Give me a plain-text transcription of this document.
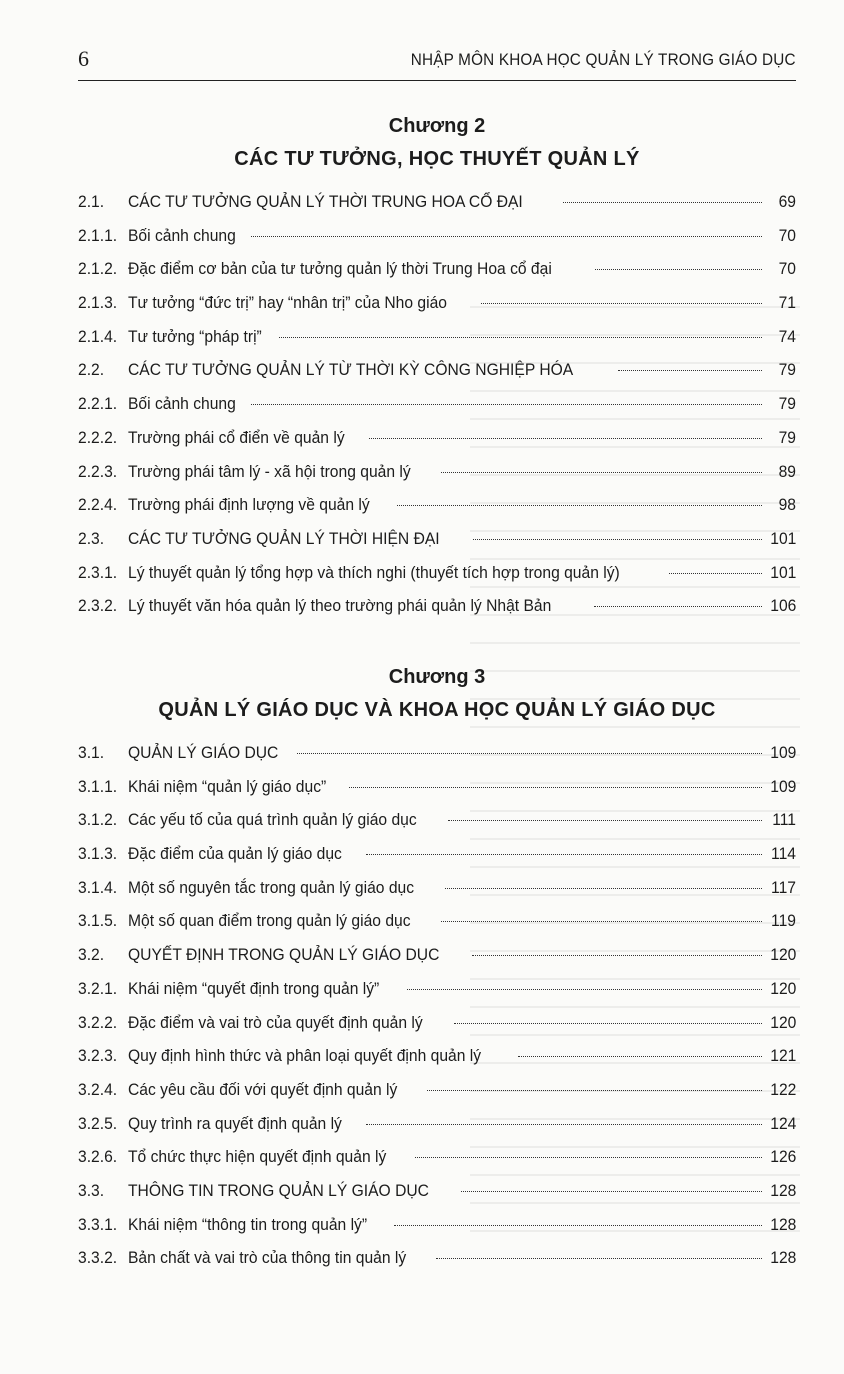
6	NHẬP MÔN KHOA HỌC QUẢN LÝ TRONG GIÁO DỤC
Chương 2
CÁC TƯ TƯỞNG, HỌC THUYẾT QUẢN LÝ
2.1.	CÁC TƯ TƯỞNG QUẢN LÝ THỜI TRUNG HOA CỔ ĐẠI	69
2.1.1. Bối cảnh chung	70
2.1.2. Đặc điểm cơ bản của tư tưởng quản lý thời Trung Hoa cổ đại	70
2.1.3. Tư tưởng “đức trị” hay “nhân trị” của Nho giáo	71
2.1.4. Tư tưởng “pháp trị”	74
2.2.	CÁC TƯ TƯỞNG QUẢN LÝ TỪ THỜI KỲ CÔNG NGHIỆP HÓA	79
2.2.1. Bối cảnh chung	79
2.2.2. Trường phái cổ điển về quản lý	79
2.2.3. Trường phái tâm lý - xã hội trong quản lý	89
2.2.4. Trường phái định lượng về quản lý	98
2.3.	CÁC TƯ TƯỞNG QUẢN LÝ THỜI HIỆN ĐẠI	101
2.3.1. Lý thuyết quản lý tổng hợp và thích nghi (thuyết tích hợp trong quản lý)	101
2.3.2. Lý thuyết văn hóa quản lý theo trường phái quản lý Nhật Bản	106
Chương 3
QUẢN LÝ GIÁO DỤC VÀ KHOA HỌC QUẢN LÝ GIÁO DỤC
3.1.	QUẢN LÝ GIÁO DỤC	109
3.1.1. Khái niệm “quản lý giáo dục”	109
3.1.2. Các yếu tố của quá trình quản lý giáo dục	111
3.1.3. Đặc điểm của quản lý giáo dục	114
3.1.4. Một số nguyên tắc trong quản lý giáo dục	117
3.1.5. Một số quan điểm trong quản lý giáo dục	119
3.2.	QUYẾT ĐỊNH TRONG QUẢN LÝ GIÁO DỤC	120
3.2.1. Khái niệm “quyết định trong quản lý”	120
3.2.2. Đặc điểm và vai trò của quyết định quản lý	120
3.2.3. Quy định hình thức và phân loại quyết định quản lý	121
3.2.4. Các yêu cầu đối với quyết định quản lý	122
3.2.5. Quy trình ra quyết định quản lý	124
3.2.6. Tổ chức thực hiện quyết định quản lý	126
3.3.	THÔNG TIN TRONG QUẢN LÝ GIÁO DỤC	128
3.3.1. Khái niệm “thông tin trong quản lý”	128
3.3.2. Bản chất và vai trò của thông tin quản lý	128
